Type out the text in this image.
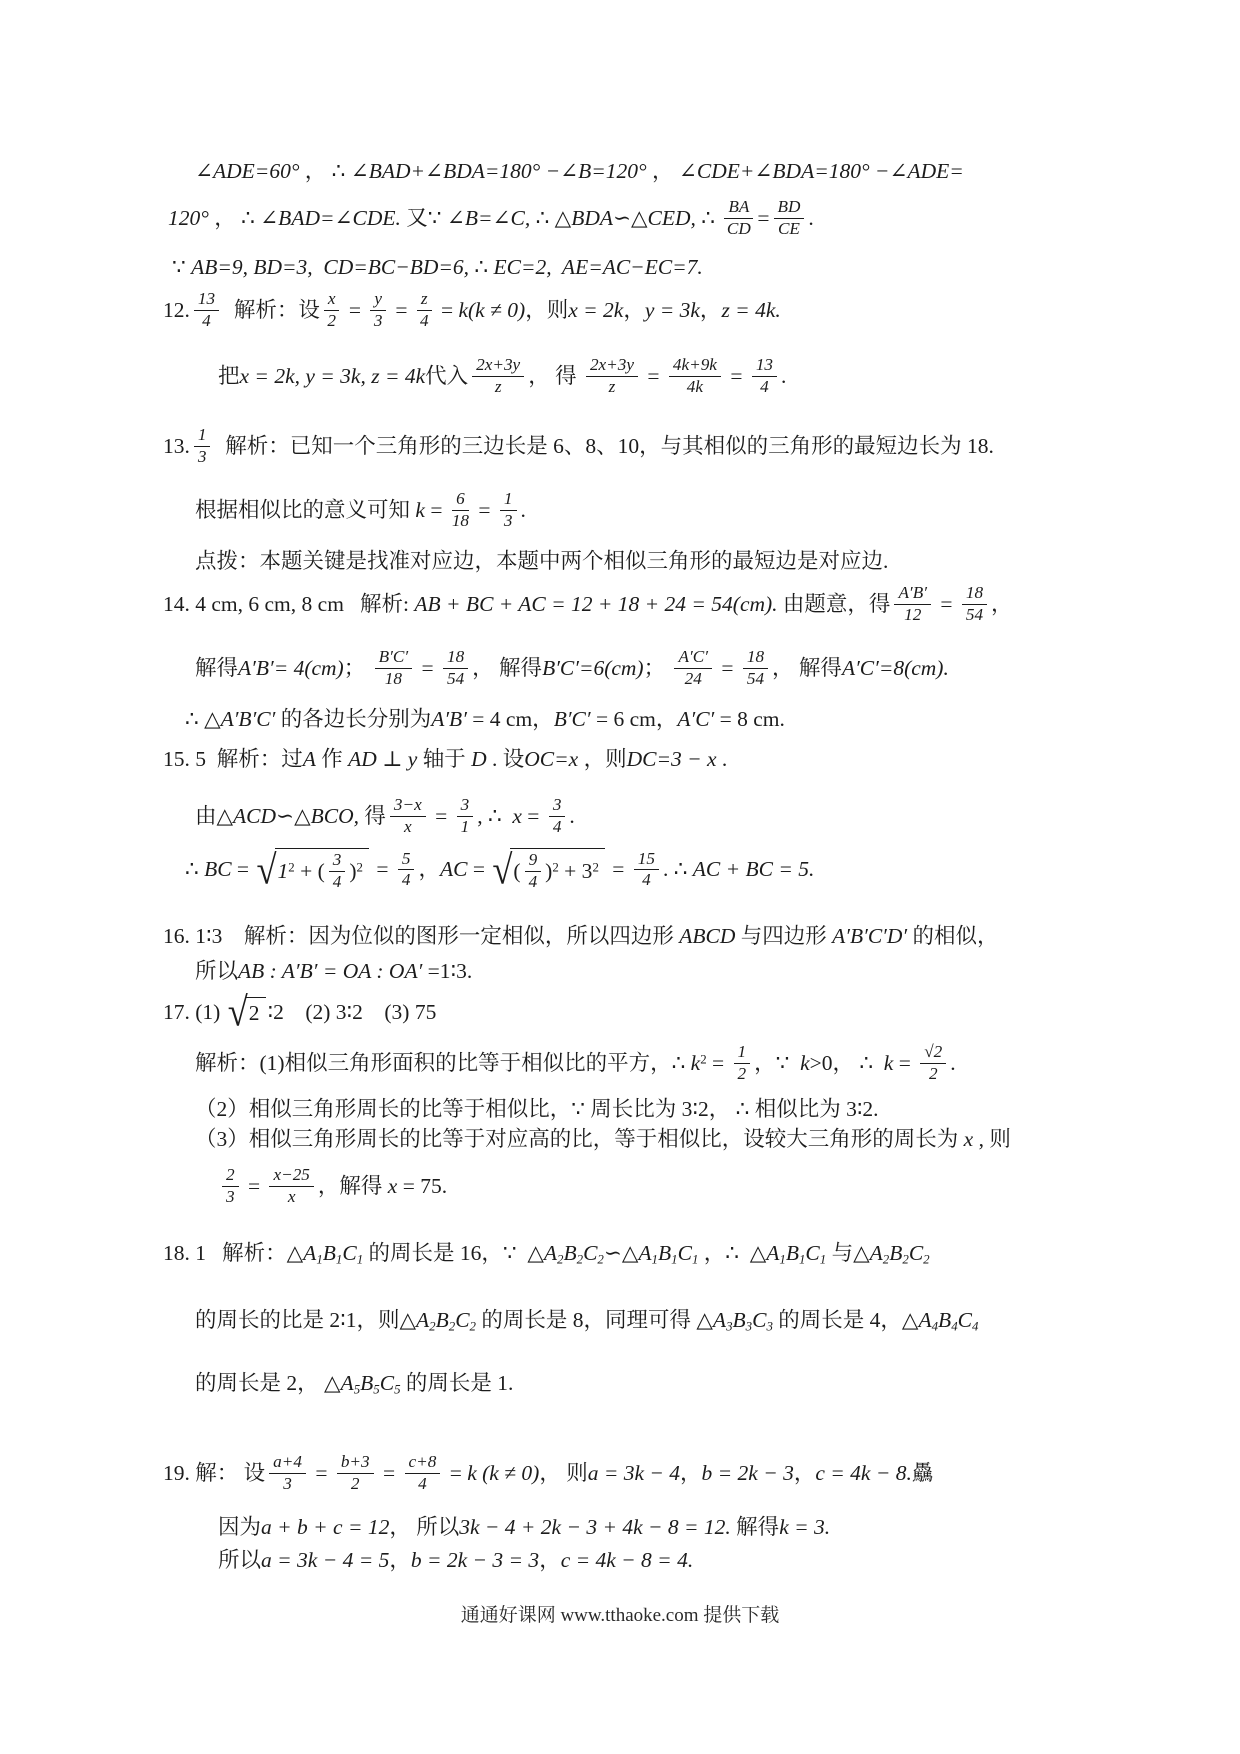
∠ADE=60° ， ∴ ∠BAD+∠BDA=180° −∠B=120° ， ∠CDE+∠BDA=180° −∠ADE=
120° ， ∴ ∠BAD=∠CDE. 又∵ ∠B=∠C, ∴ △BDA∽△CED, ∴ $\frac{BA}{CD} = \frac{BD}{CE}$ .
∵ AB=9, BD=3,  CD=BC−BD=6, ∴ EC=2,  AE=AC−EC=7.
12. $\frac{13}{4}$ 解析：设 $\frac{x}{2} = \frac{y}{3} = \frac{z}{4} = k(k \ne 0)$ ，则 x = 2k ， y = 3k ， z = 4k.
把 x = 2k, y = 3k, z = 4k 代入 $\frac{2x+3y}{z}$ ， 得 $\frac{2x+3y}{z} = \frac{4k+9k}{4k} = \frac{13}{4}$ .
13. $\frac{1}{3}$ 解析：已知一个三角形的三边长是 6、8、10，与其相似的三角形的最短边长为 18.
根据相似比的意义可知 $k = \frac{6}{18} = \frac{1}{3}$ .
点拨：本题关键是找准对应边，本题中两个相似三角形的最短边是对应边.
14. 4 cm, 6 cm, 8 cm   解析: AB + BC + AC = 12 + 18 + 24 = 54(cm). 由题意，得 $\frac{A'B'}{12} = \frac{18}{54}$ ，
解得 A′B′= 4(cm) ； $\frac{B'C'}{18} = \frac{18}{54}$ ， 解得 B′C′=6(cm) ； $\frac{A'C'}{24} = \frac{18}{54}$ ， 解得 A′C′=8(cm).
∴ △A′B′C′ 的各边长分别为 A′B′ = 4 cm， B′C′ = 6 cm， A′C′ = 8 cm.
15. 5  解析：过 A 作 AD ⊥ y 轴于 D . 设 OC=x ，则 DC=3 − x .
由 △ACD∽△BCO, 得 $\frac{3-x}{x} = \frac{3}{1}$ , ∴ $x = \frac{3}{4}$ .
∴ BC = √ 1 $^2$ + ( $\frac{3}{4} )^2 = \frac{5}{4}$ ， AC = √ ( $\frac{9}{4} )^2 + 3^2 = \frac{15}{4}$ . ∴ AC + BC = 5.
16. 1∶3    解析：因为位似的图形一定相似，所以四边形 ABCD 与四边形 A′B′C′D′ 的相似，
所以 AB : A′B′ = OA : OA′ =1∶3.
17. (1) √ 2 ∶2    (2) 3∶2    (3) 75
解析：(1)相似三角形面积的比等于相似比的平方，∴ k $^2 = \frac{1}{2}$ ，∵ k >0， ∴ $k = \frac{√2}{2}$ .
（2）相似三角形周长的比等于相似比，∵ 周长比为 3∶2， ∴ 相似比为 3∶2.
（3）相似三角形周长的比等于对应高的比，等于相似比，设较大三角形的周长为 x , 则
$\frac{2}{3} = \frac{x-25}{x}$ ，解得 x = 75.
18. 1   解析： △A1B1C1 的周长是 16，∵ △A2B2C2∽△A1B1C1 ，∴ △A1B1C1 与 △A2B2C2
的周长的比是 2∶1，则 △A2B2C2 的周长是 8，同理可得 △A3B3C3 的周长是 4， △A4B4C4
的周长是 2， △A5B5C5 的周长是 1.
19. 解： 设 $\frac{a+4}{3} = \frac{b+3}{2} = \frac{c+8}{4} = k$ (k ≠ 0) ， 则 a = 3k − 4 ， b = 2k − 3 ， c = 4k − 8. 驫
因为 a + b + c = 12 ， 所以 3k − 4 + 2k − 3 + 4k − 8 = 12. 解得 k = 3.
所以 a = 3k − 4 = 5 ， b = 2k − 3 = 3 ， c = 4k − 8 = 4.
通通好课网 www.tthaoke.com 提供下载
